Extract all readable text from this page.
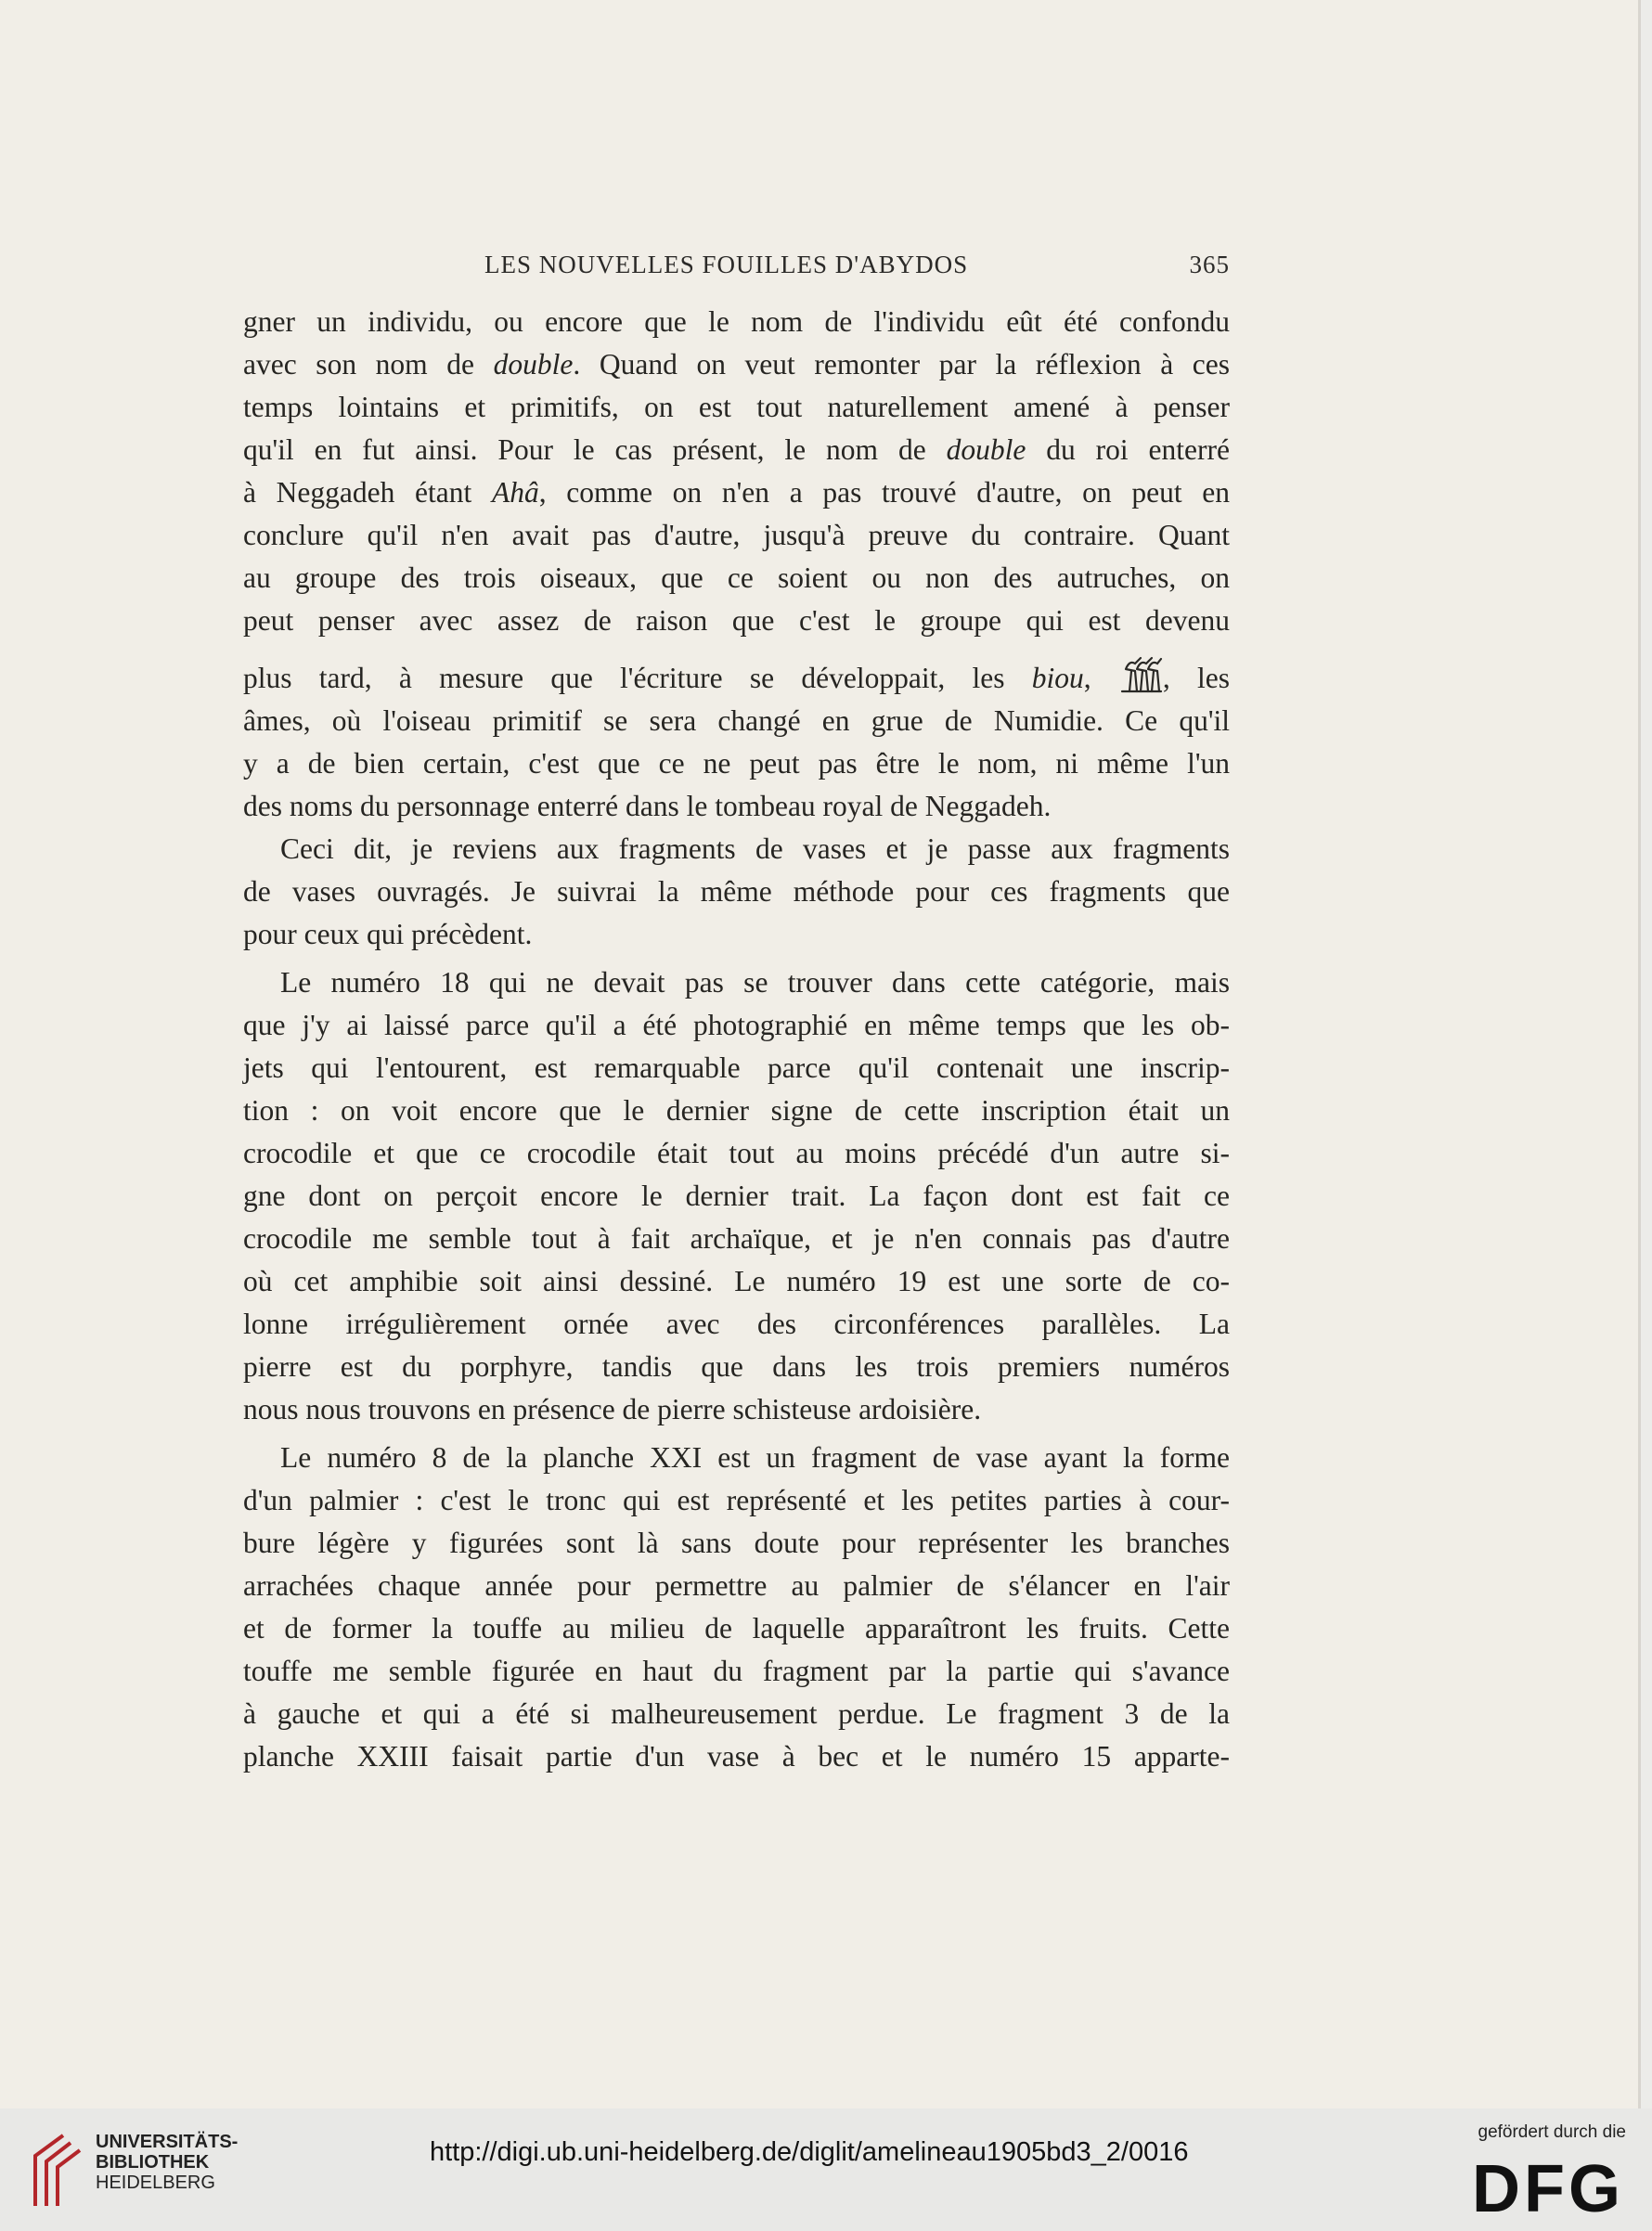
LES NOUVELLES FOUILLES D'ABYDOS	365
gner un individu, ou encore que le nom de l'individu eût été confondu
avec son nom de double. Quand on veut remonter par la réflexion à ces
temps lointains et primitifs, on est tout naturellement amené à penser
qu'il en fut ainsi. Pour le cas présent, le nom de double du roi enterré
à Neggadeh étant Ahâ, comme on n'en a pas trouvé d'autre, on peut en
conclure qu'il n'en avait pas d'autre, jusqu'à preuve du contraire. Quant
au groupe des trois oiseaux, que ce soient ou non des autruches, on
peut penser avec assez de raison que c'est le groupe qui est devenu
plus tard, à mesure que l'écriture se développait, les biou, , les
âmes, où l'oiseau primitif se sera changé en grue de Numidie. Ce qu'il
y a de bien certain, c'est que ce ne peut pas être le nom, ni même l'un
des noms du personnage enterré dans le tombeau royal de Neggadeh.
Ceci dit, je reviens aux fragments de vases et je passe aux fragments
de vases ouvragés. Je suivrai la même méthode pour ces fragments que
pour ceux qui précèdent.
Le numéro 18 qui ne devait pas se trouver dans cette catégorie, mais
que j'y ai laissé parce qu'il a été photographié en même temps que les ob-
jets qui l'entourent, est remarquable parce qu'il contenait une inscrip-
tion : on voit encore que le dernier signe de cette inscription était un
crocodile et que ce crocodile était tout au moins précédé d'un autre si-
gne dont on perçoit encore le dernier trait. La façon dont est fait ce
crocodile me semble tout à fait archaïque, et je n'en connais pas d'autre
où cet amphibie soit ainsi dessiné. Le numéro 19 est une sorte de co-
lonne irrégulièrement ornée avec des circonférences parallèles. La
pierre est du porphyre, tandis que dans les trois premiers numéros
nous nous trouvons en présence de pierre schisteuse ardoisière.
Le numéro 8 de la planche XXI est un fragment de vase ayant la forme
d'un palmier : c'est le tronc qui est représenté et les petites parties à cour-
bure légère y figurées sont là sans doute pour représenter les branches
arrachées chaque année pour permettre au palmier de s'élancer en l'air
et de former la touffe au milieu de laquelle apparaîtront les fruits. Cette
touffe me semble figurée en haut du fragment par la partie qui s'avance
à gauche et qui a été si malheureusement perdue. Le fragment 3 de la
planche XXIII faisait partie d'un vase à bec et le numéro 15 apparte-
UNIVERSITÄTS-
BIBLIOTHEK
HEIDELBERG
http://digi.ub.uni-heidelberg.de/diglit/amelineau1905bd3_2/0016
gefördert durch die
DFG
